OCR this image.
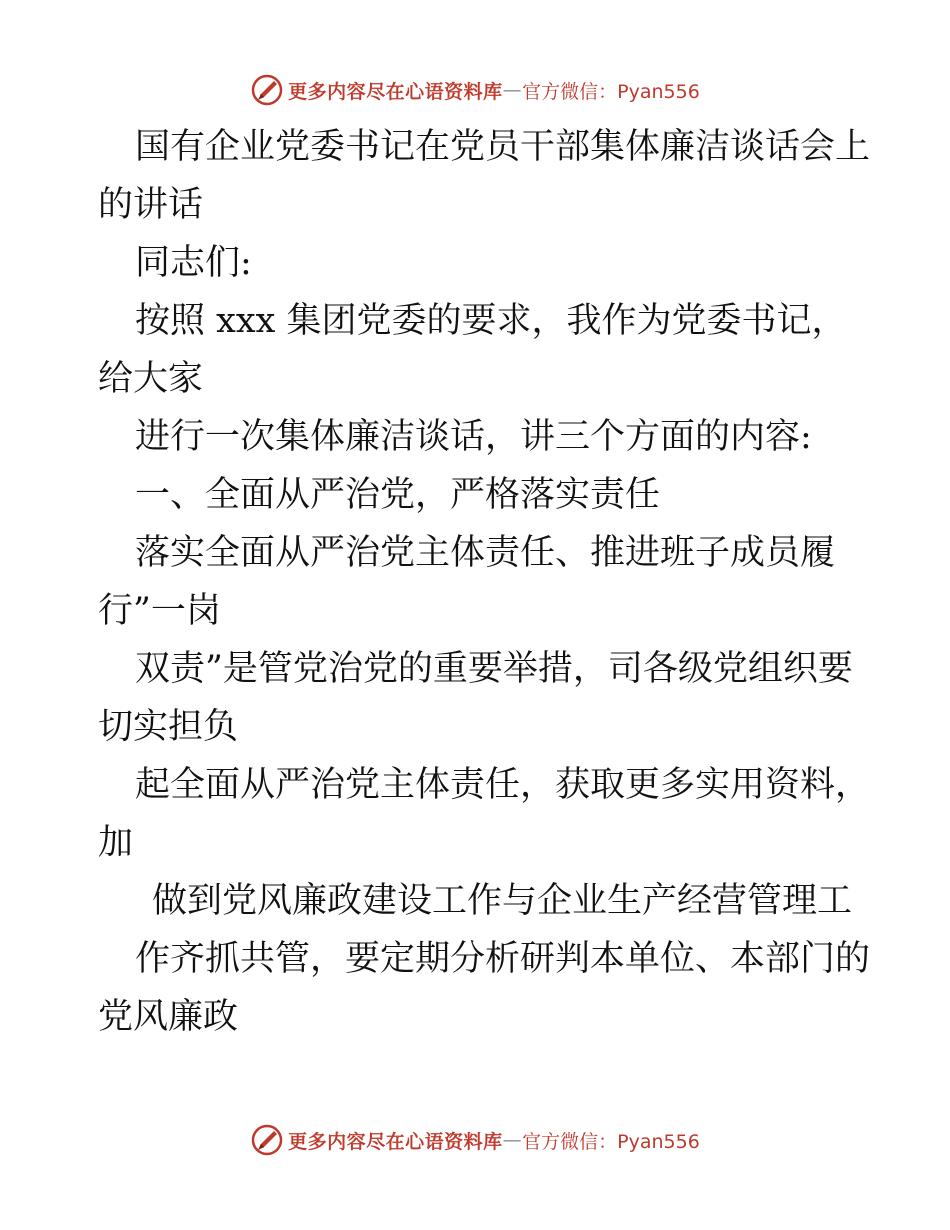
更多内容尽在心语资料库 — 官方微信：Pyan556
国有企业党委书记在党员干部集体廉洁谈话会上
的讲话
同志们:
按照 xxx 集团党委的要求，我作为党委书记，
给大家
进行一次集体廉洁谈话，讲三个方面的内容:
一、全面从严治党，严格落实责任
落实全面从严治党主体责任、推进班子成员履
行”一岗
双责”是管党治党的重要举措，司各级党组织要
切实担负
起全面从严治党主体责任，获取更多实用资料，
加
做到党风廉政建设工作与企业生产经营管理工
作齐抓共管，要定期分析研判本单位、本部门的
党风廉政
更多内容尽在心语资料库 — 官方微信：Pyan556
